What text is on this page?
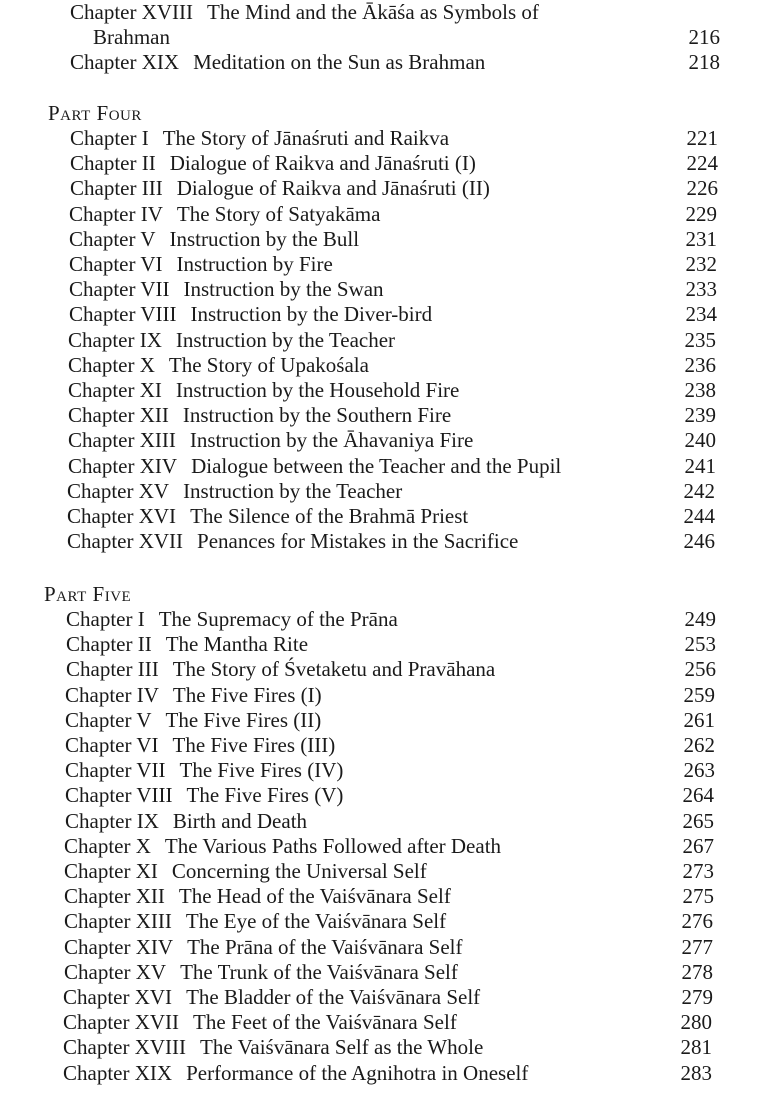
Chapter XVIII The Mind and the Ākāśa as Symbols of
Brahman	216
Chapter XIX Meditation on the Sun as Brahman	218
Part Four
Chapter I The Story of Jānaśruti and Raikva	221
Chapter II Dialogue of Raikva and Jānaśruti (I)	224
Chapter III Dialogue of Raikva and Jānaśruti (II)	226
Chapter IV The Story of Satyakāma	229
Chapter V Instruction by the Bull	231
Chapter VI Instruction by Fire	232
Chapter VII Instruction by the Swan	233
Chapter VIII Instruction by the Diver-bird	234
Chapter IX Instruction by the Teacher	235
Chapter X The Story of Upakośala	236
Chapter XI Instruction by the Household Fire	238
Chapter XII Instruction by the Southern Fire	239
Chapter XIII Instruction by the Āhavaniya Fire	240
Chapter XIV Dialogue between the Teacher and the Pupil	241
Chapter XV Instruction by the Teacher	242
Chapter XVI The Silence of the Brahmā Priest	244
Chapter XVII Penances for Mistakes in the Sacrifice	246
Part Five
Chapter I The Supremacy of the Prāna	249
Chapter II The Mantha Rite	253
Chapter III The Story of Śvetaketu and Pravāhana	256
Chapter IV The Five Fires (I)	259
Chapter V The Five Fires (II)	261
Chapter VI The Five Fires (III)	262
Chapter VII The Five Fires (IV)	263
Chapter VIII The Five Fires (V)	264
Chapter IX Birth and Death	265
Chapter X The Various Paths Followed after Death	267
Chapter XI Concerning the Universal Self	273
Chapter XII The Head of the Vaiśvānara Self	275
Chapter XIII The Eye of the Vaiśvānara Self	276
Chapter XIV The Prāna of the Vaiśvānara Self	277
Chapter XV The Trunk of the Vaiśvānara Self	278
Chapter XVI The Bladder of the Vaiśvānara Self	279
Chapter XVII The Feet of the Vaiśvānara Self	280
Chapter XVIII The Vaiśvānara Self as the Whole	281
Chapter XIX Performance of the Agnihotra in Oneself	283
